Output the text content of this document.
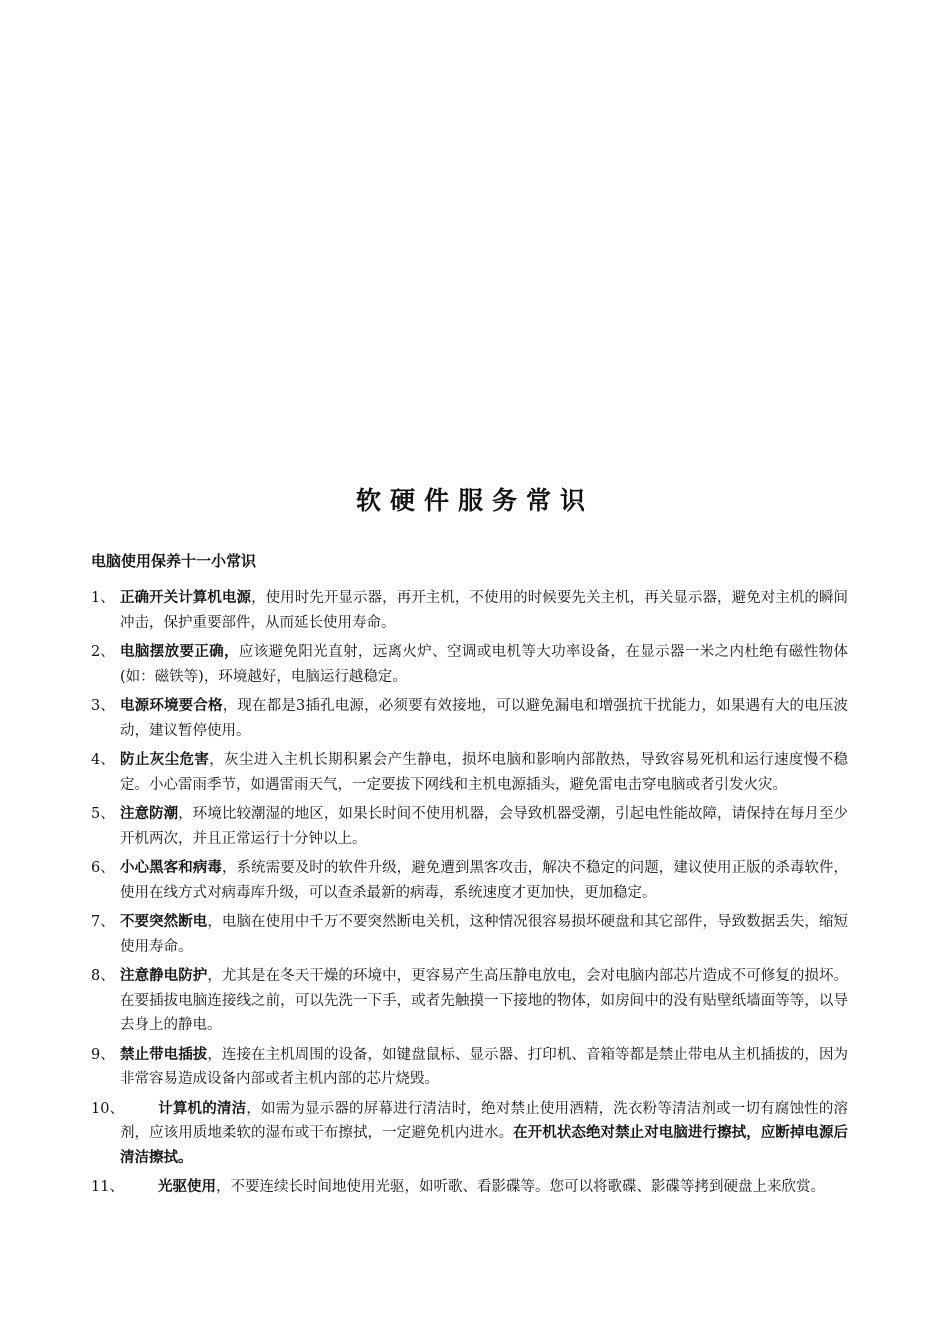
软硬件服务常识
电脑使用保养十一小常识
1、 正确开关计算机电源，使用时先开显示器，再开主机，不使用的时候要先关主机，再关显示器，避免对主机的瞬间冲击，保护重要部件，从而延长使用寿命。
2、 电脑摆放要正确，应该避免阳光直射，远离火炉、空调或电机等大功率设备，在显示器一米之内杜绝有磁性物体(如：磁铁等)，环境越好，电脑运行越稳定。
3、 电源环境要合格，现在都是3插孔电源，必须要有效接地，可以避免漏电和增强抗干扰能力，如果遇有大的电压波动，建议暂停使用。
4、 防止灰尘危害，灰尘进入主机长期积累会产生静电，损坏电脑和影响内部散热，导致容易死机和运行速度慢不稳定。小心雷雨季节，如遇雷雨天气，一定要拔下网线和主机电源插头，避免雷电击穿电脑或者引发火灾。
5、 注意防潮，环境比较潮湿的地区，如果长时间不使用机器，会导致机器受潮，引起电性能故障，请保持在每月至少开机两次，并且正常运行十分钟以上。
6、 小心黑客和病毒，系统需要及时的软件升级，避免遭到黑客攻击，解决不稳定的问题，建议使用正版的杀毒软件，使用在线方式对病毒库升级，可以查杀最新的病毒，系统速度才更加快，更加稳定。
7、 不要突然断电，电脑在使用中千万不要突然断电关机，这种情况很容易损坏硬盘和其它部件，导致数据丢失，缩短使用寿命。
8、 注意静电防护，尤其是在冬天干燥的环境中，更容易产生高压静电放电，会对电脑内部芯片造成不可修复的损坏。在要插拔电脑连接线之前，可以先洗一下手，或者先触摸一下接地的物体，如房间中的没有贴壁纸墙面等等，以导去身上的静电。
9、 禁止带电插拔，连接在主机周围的设备，如键盘鼠标、显示器、打印机、音箱等都是禁止带电从主机插拔的，因为非常容易造成设备内部或者主机内部的芯片烧毁。
10、 计算机的清洁，如需为显示器的屏幕进行清洁时，绝对禁止使用酒精，洗衣粉等清洁剂或一切有腐蚀性的溶剂，应该用质地柔软的湿布或干布擦拭，一定避免机内进水。在开机状态绝对禁止对电脑进行擦拭，应断掉电源后清洁擦拭。
11、 光驱使用，不要连续长时间地使用光驱，如听歌、看影碟等。您可以将歌碟、影碟等拷到硬盘上来欣赏。
